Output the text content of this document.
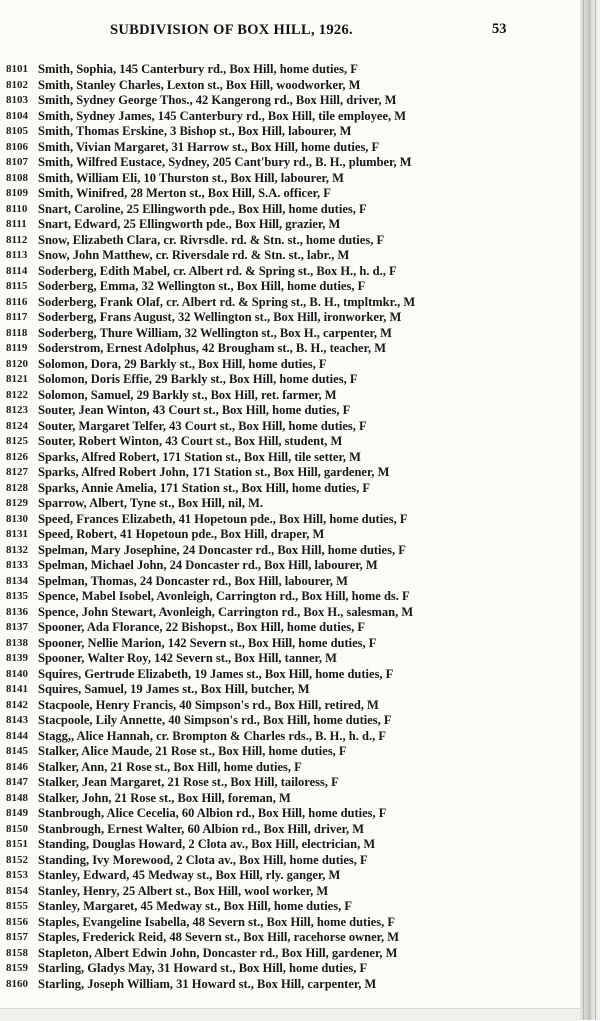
SUBDIVISION OF BOX HILL, 1926.	53
8101 Smith, Sophia, 145 Canterbury rd., Box Hill, home duties, F
8102 Smith, Stanley Charles, Lexton st., Box Hill, woodworker, M
8103 Smith, Sydney George Thos., 42 Kangerong rd., Box Hill, driver, M
8104 Smith, Sydney James, 145 Canterbury rd., Box Hill, tile employee, M
8105 Smith, Thomas Erskine, 3 Bishop st., Box Hill, labourer, M
8106 Smith, Vivian Margaret, 31 Harrow st., Box Hill, home duties, F
8107 Smith, Wilfred Eustace, Sydney, 205 Cant'bury rd., B. H., plumber, M
8108 Smith, William Eli, 10 Thurston st., Box Hill, labourer, M
8109 Smith, Winifred, 28 Merton st., Box Hill, S.A. officer, F
8110 Snart, Caroline, 25 Ellingworth pde., Box Hill, home duties, F
8111 Snart, Edward, 25 Ellingworth pde., Box Hill, grazier, M
8112 Snow, Elizabeth Clara, cr. Rivrsdle. rd. & Stn. st., home duties, F
8113 Snow, John Matthew, cr. Riversdale rd. & Stn. st., labr., M
8114 Soderberg, Edith Mabel, cr. Albert rd. & Spring st., Box H., h. d., F
8115 Soderberg, Emma, 32 Wellington st., Box Hill, home duties, F
8116 Soderberg, Frank Olaf, cr. Albert rd. & Spring st., B. H., tmpltmkr., M
8117 Soderberg, Frans August, 32 Wellington st., Box Hill, ironworker, M
8118 Soderberg, Thure William, 32 Wellington st., Box H., carpenter, M
8119 Soderstrom, Ernest Adolphus, 42 Brougham st., B. H., teacher, M
8120 Solomon, Dora, 29 Barkly st., Box Hill, home duties, F
8121 Solomon, Doris Effie, 29 Barkly st., Box Hill, home duties, F
8122 Solomon, Samuel, 29 Barkly st., Box Hill, ret. farmer, M
8123 Souter, Jean Winton, 43 Court st., Box Hill, home duties, F
8124 Souter, Margaret Telfer, 43 Court st., Box Hill, home duties, F
8125 Souter, Robert Winton, 43 Court st., Box Hill, student, M
8126 Sparks, Alfred Robert, 171 Station st., Box Hill, tile setter, M
8127 Sparks, Alfred Robert John, 171 Station st., Box Hill, gardener, M
8128 Sparks, Annie Amelia, 171 Station st., Box Hill, home duties, F
8129 Sparrow, Albert, Tyne st., Box Hill, nil, M.
8130 Speed, Frances Elizabeth, 41 Hopetoun pde., Box Hill, home duties, F
8131 Speed, Robert, 41 Hopetoun pde., Box Hill, draper, M
8132 Spelman, Mary Josephine, 24 Doncaster rd., Box Hill, home duties, F
8133 Spelman, Michael John, 24 Doncaster rd., Box Hill, labourer, M
8134 Spelman, Thomas, 24 Doncaster rd., Box Hill, labourer, M
8135 Spence, Mabel Isobel, Avonleigh, Carrington rd., Box Hill, home ds. F
8136 Spence, John Stewart, Avonleigh, Carrington rd., Box H., salesman, M
8137 Spooner, Ada Florance, 22 Bishopst., Box Hill, home duties, F
8138 Spooner, Nellie Marion, 142 Severn st., Box Hill, home duties, F
8139 Spooner, Walter Roy, 142 Severn st., Box Hill, tanner, M
8140 Squires, Gertrude Elizabeth, 19 James st., Box Hill, home duties, F
8141 Squires, Samuel, 19 James st., Box Hill, butcher, M
8142 Stacpoole, Henry Francis, 40 Simpson's rd., Box Hill, retired, M
8143 Stacpoole, Lily Annette, 40 Simpson's rd., Box Hill, home duties, F
8144 Stagg,, Alice Hannah, cr. Brompton & Charles rds., B. H., h. d., F
8145 Stalker, Alice Maude, 21 Rose st., Box Hill, home duties, F
8146 Stalker, Ann, 21 Rose st., Box Hill, home duties, F
8147 Stalker, Jean Margaret, 21 Rose st., Box Hill, tailoress, F
8148 Stalker, John, 21 Rose st., Box Hill, foreman, M
8149 Stanbrough, Alice Cecelia, 60 Albion rd., Box Hill, home duties, F
8150 Stanbrough, Ernest Walter, 60 Albion rd., Box Hill, driver, M
8151 Standing, Douglas Howard, 2 Clota av., Box Hill, electrician, M
8152 Standing, Ivy Morewood, 2 Clota av., Box Hill, home duties, F
8153 Stanley, Edward, 45 Medway st., Box Hill, rly. ganger, M
8154 Stanley, Henry, 25 Albert st., Box Hill, wool worker, M
8155 Stanley, Margaret, 45 Medway st., Box Hill, home duties, F
8156 Staples, Evangeline Isabella, 48 Severn st., Box Hill, home duties, F
8157 Staples, Frederick Reid, 48 Severn st., Box Hill, racehorse owner, M
8158 Stapleton, Albert Edwin John, Doncaster rd., Box Hill, gardener, M
8159 Starling, Gladys May, 31 Howard st., Box Hill, home duties, F
8160 Starling, Joseph William, 31 Howard st., Box Hill, carpenter, M
